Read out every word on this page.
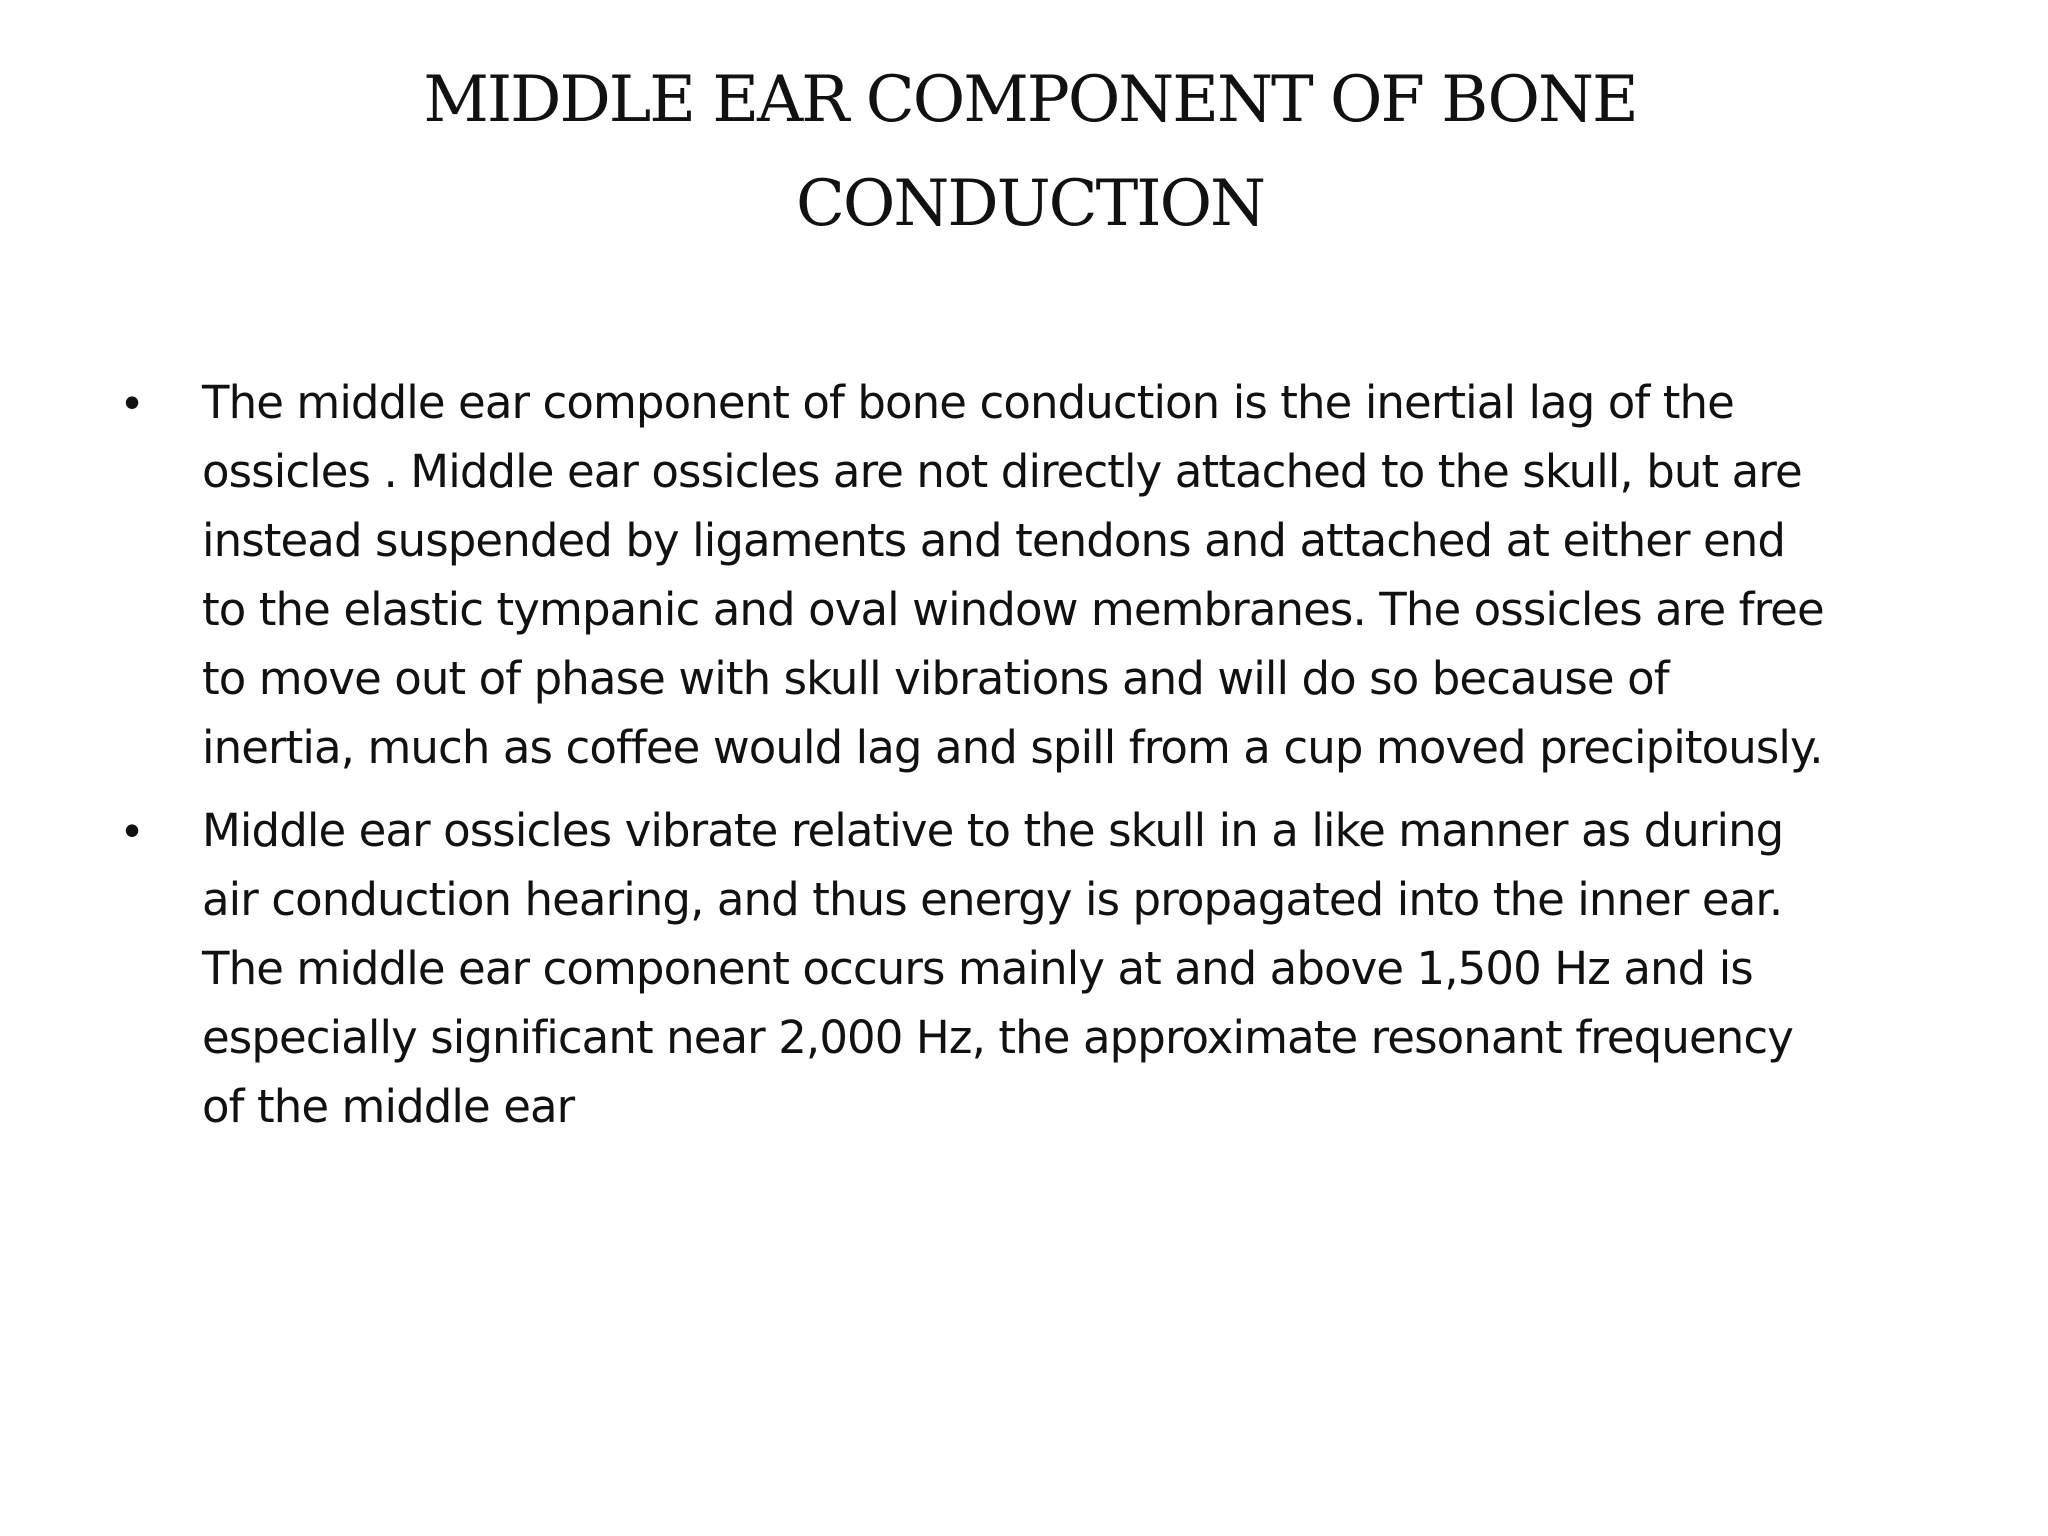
MIDDLE EAR COMPONENT OF BONE
CONDUCTION
• The middle ear component of bone conduction is the inertial lag of the
ossicles . Middle ear ossicles are not directly attached to the skull, but are
instead suspended by ligaments and tendons and attached at either end
to the elastic tympanic and oval window membranes. The ossicles are free
to move out of phase with skull vibrations and will do so because of
inertia, much as coffee would lag and spill from a cup moved precipitously.
• Middle ear ossicles vibrate relative to the skull in a like manner as during
air conduction hearing, and thus energy is propagated into the inner ear.
The middle ear component occurs mainly at and above 1,500 Hz and is
especially significant near 2,000 Hz, the approximate resonant frequency
of the middle ear
